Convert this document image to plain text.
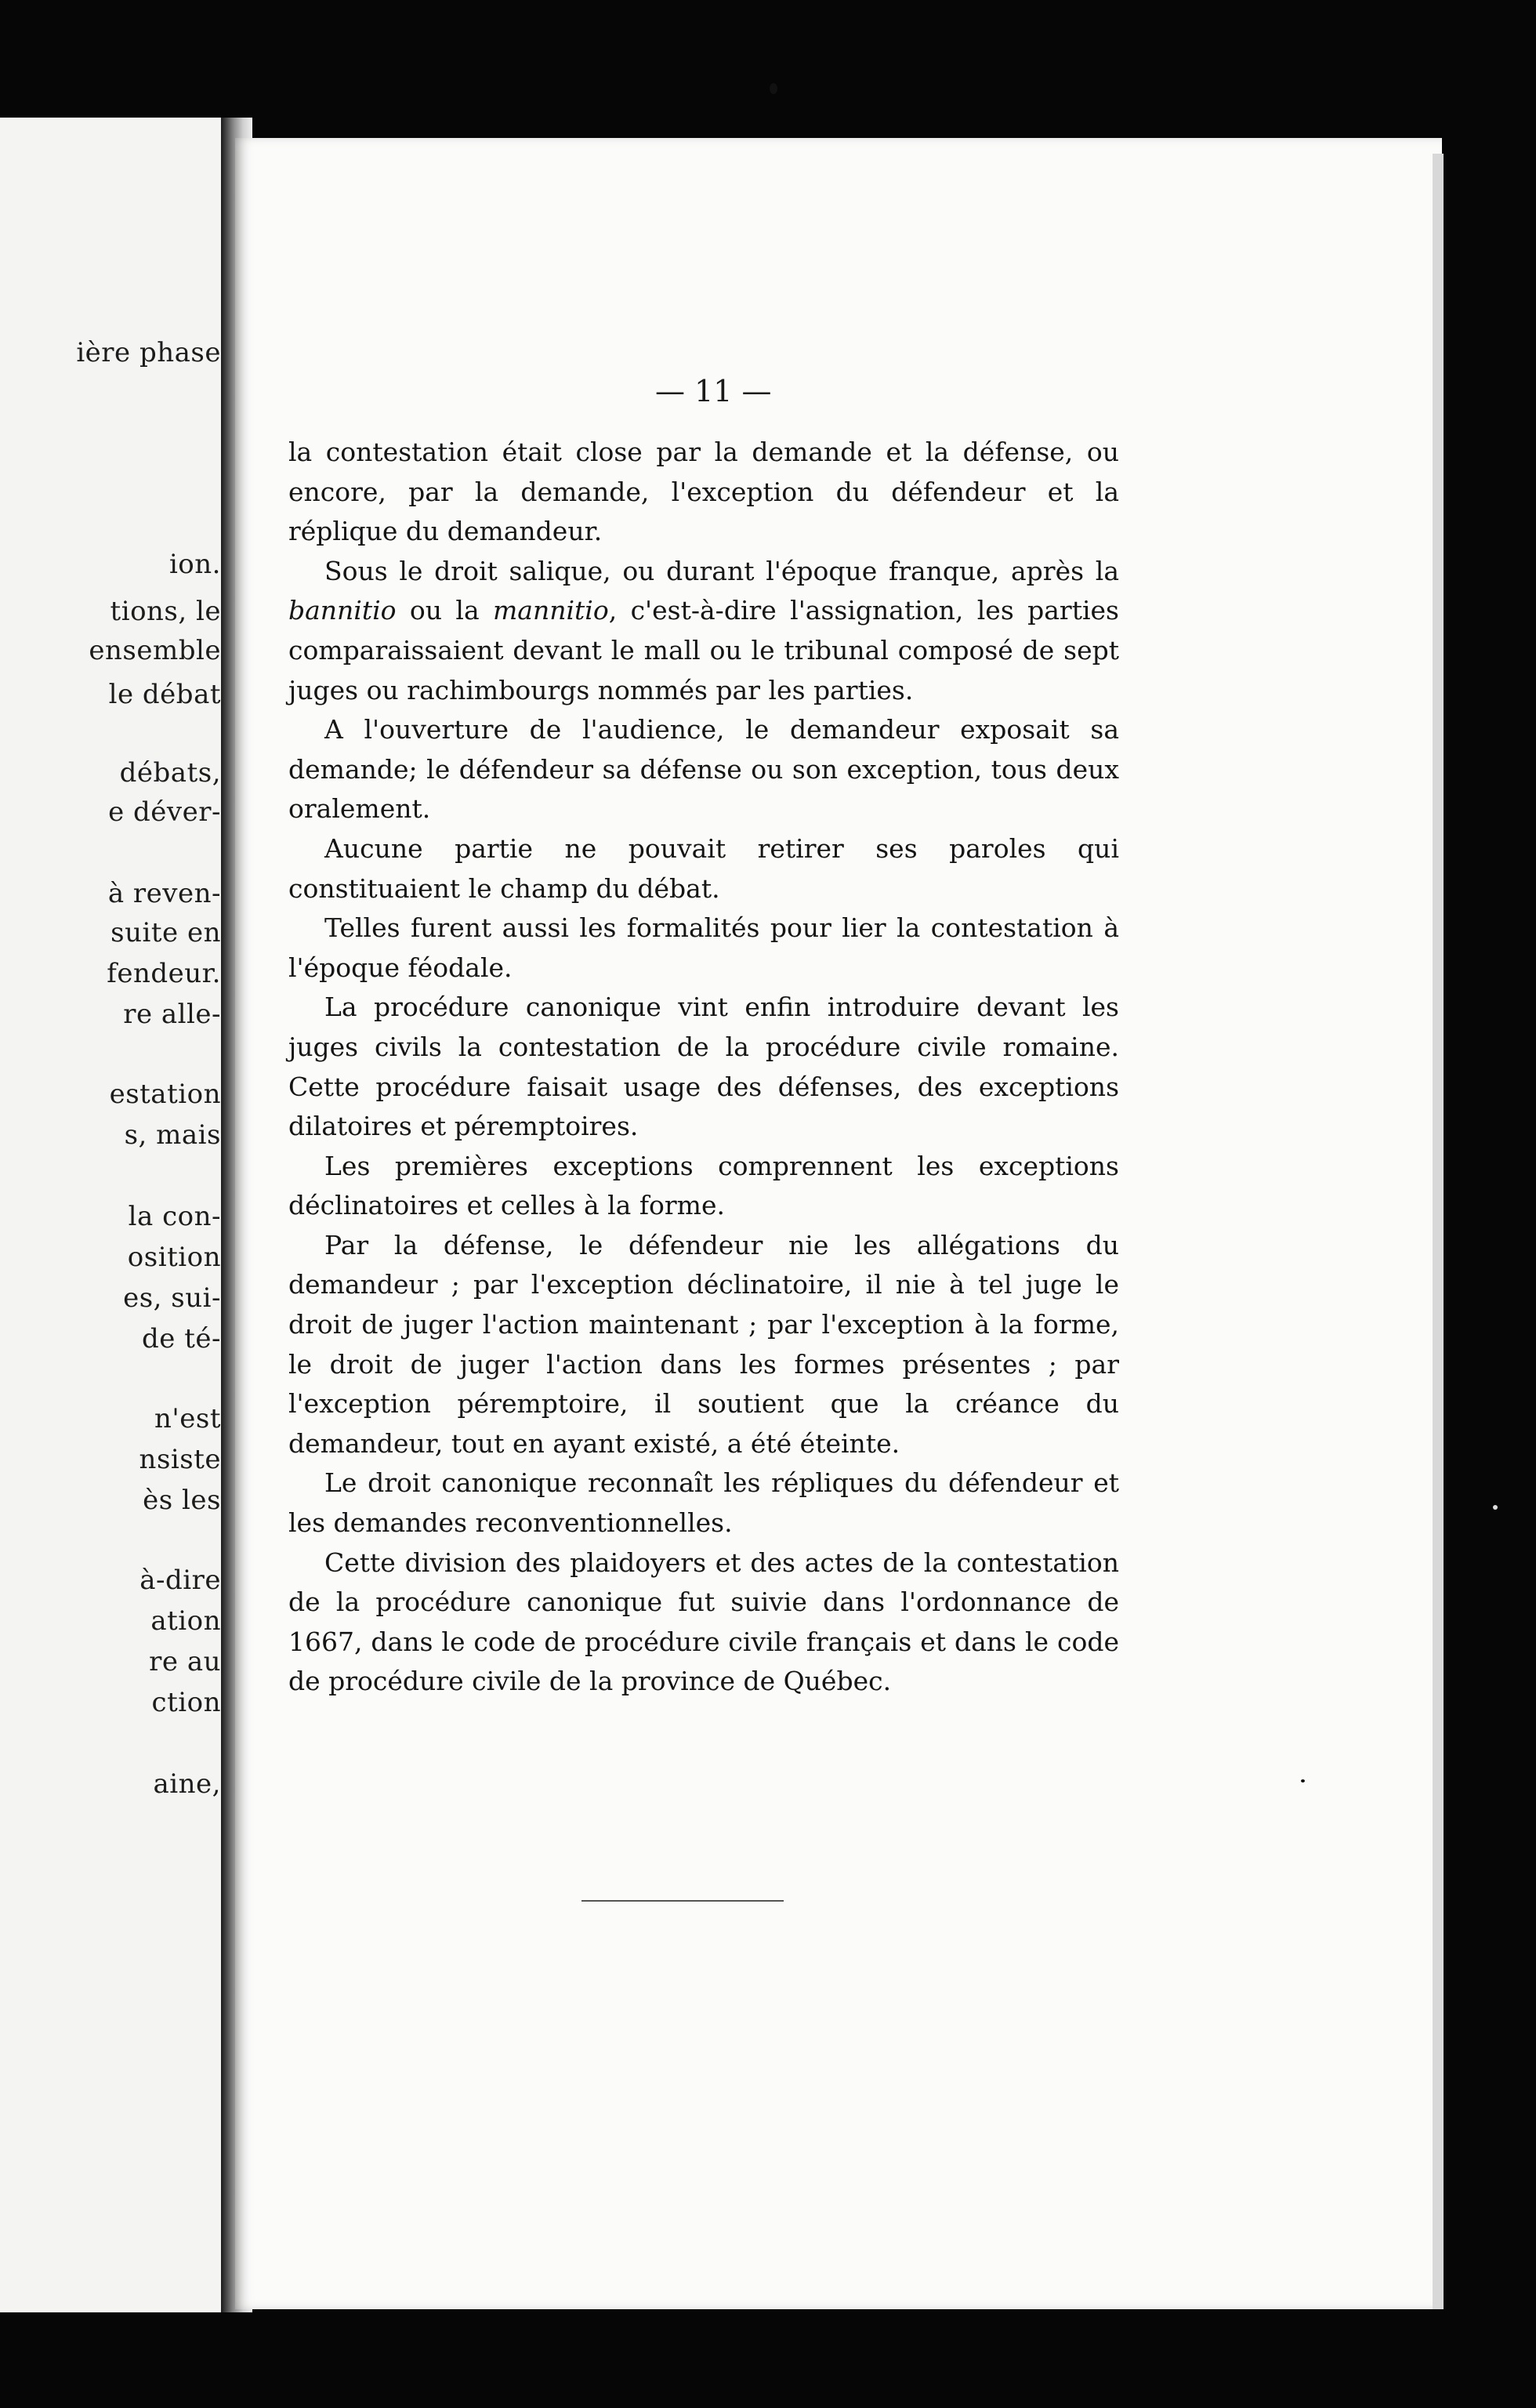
ière phase
ion.
tions, le
ensemble
le débat
débats,
e déver-
à reven-
suite en
fendeur.
re alle-
estation
s, mais
la con-
osition
es, sui-
de té-
n'est
nsiste
ès les
à-dire
ation
re au
ction
aine,
— 11 —

la contestation était close par la demande et la défense, ou encore, par la demande, l'exception du défendeur et la réplique du demandeur.

Sous le droit salique, ou durant l'époque franque, après la bannitio ou la mannitio, c'est-à-dire l'assignation, les parties comparaissaient devant le mall ou le tribunal composé de sept juges ou rachimbourgs nommés par les parties.

A l'ouverture de l'audience, le demandeur exposait sa demande; le défendeur sa défense ou son exception, tous deux oralement.

Aucune partie ne pouvait retirer ses paroles qui constituaient le champ du débat.

Telles furent aussi les formalités pour lier la contestation à l'époque féodale.

La procédure canonique vint enfin introduire devant les juges civils la contestation de la procédure civile romaine. Cette procédure faisait usage des défenses, des exceptions dilatoires et péremptoires.

Les premières exceptions comprennent les exceptions déclinatoires et celles à la forme.

Par la défense, le défendeur nie les allégations du demandeur ; par l'exception déclinatoire, il nie à tel juge le droit de juger l'action maintenant ; par l'exception à la forme, le droit de juger l'action dans les formes présentes ; par l'exception péremptoire, il soutient que la créance du demandeur, tout en ayant existé, a été éteinte.

Le droit canonique reconnaît les répliques du défendeur et les demandes reconventionnelles.

Cette division des plaidoyers et des actes de la contestation de la procédure canonique fut suivie dans l'ordonnance de 1667, dans le code de procédure civile français et dans le code de procédure civile de la province de Québec.
